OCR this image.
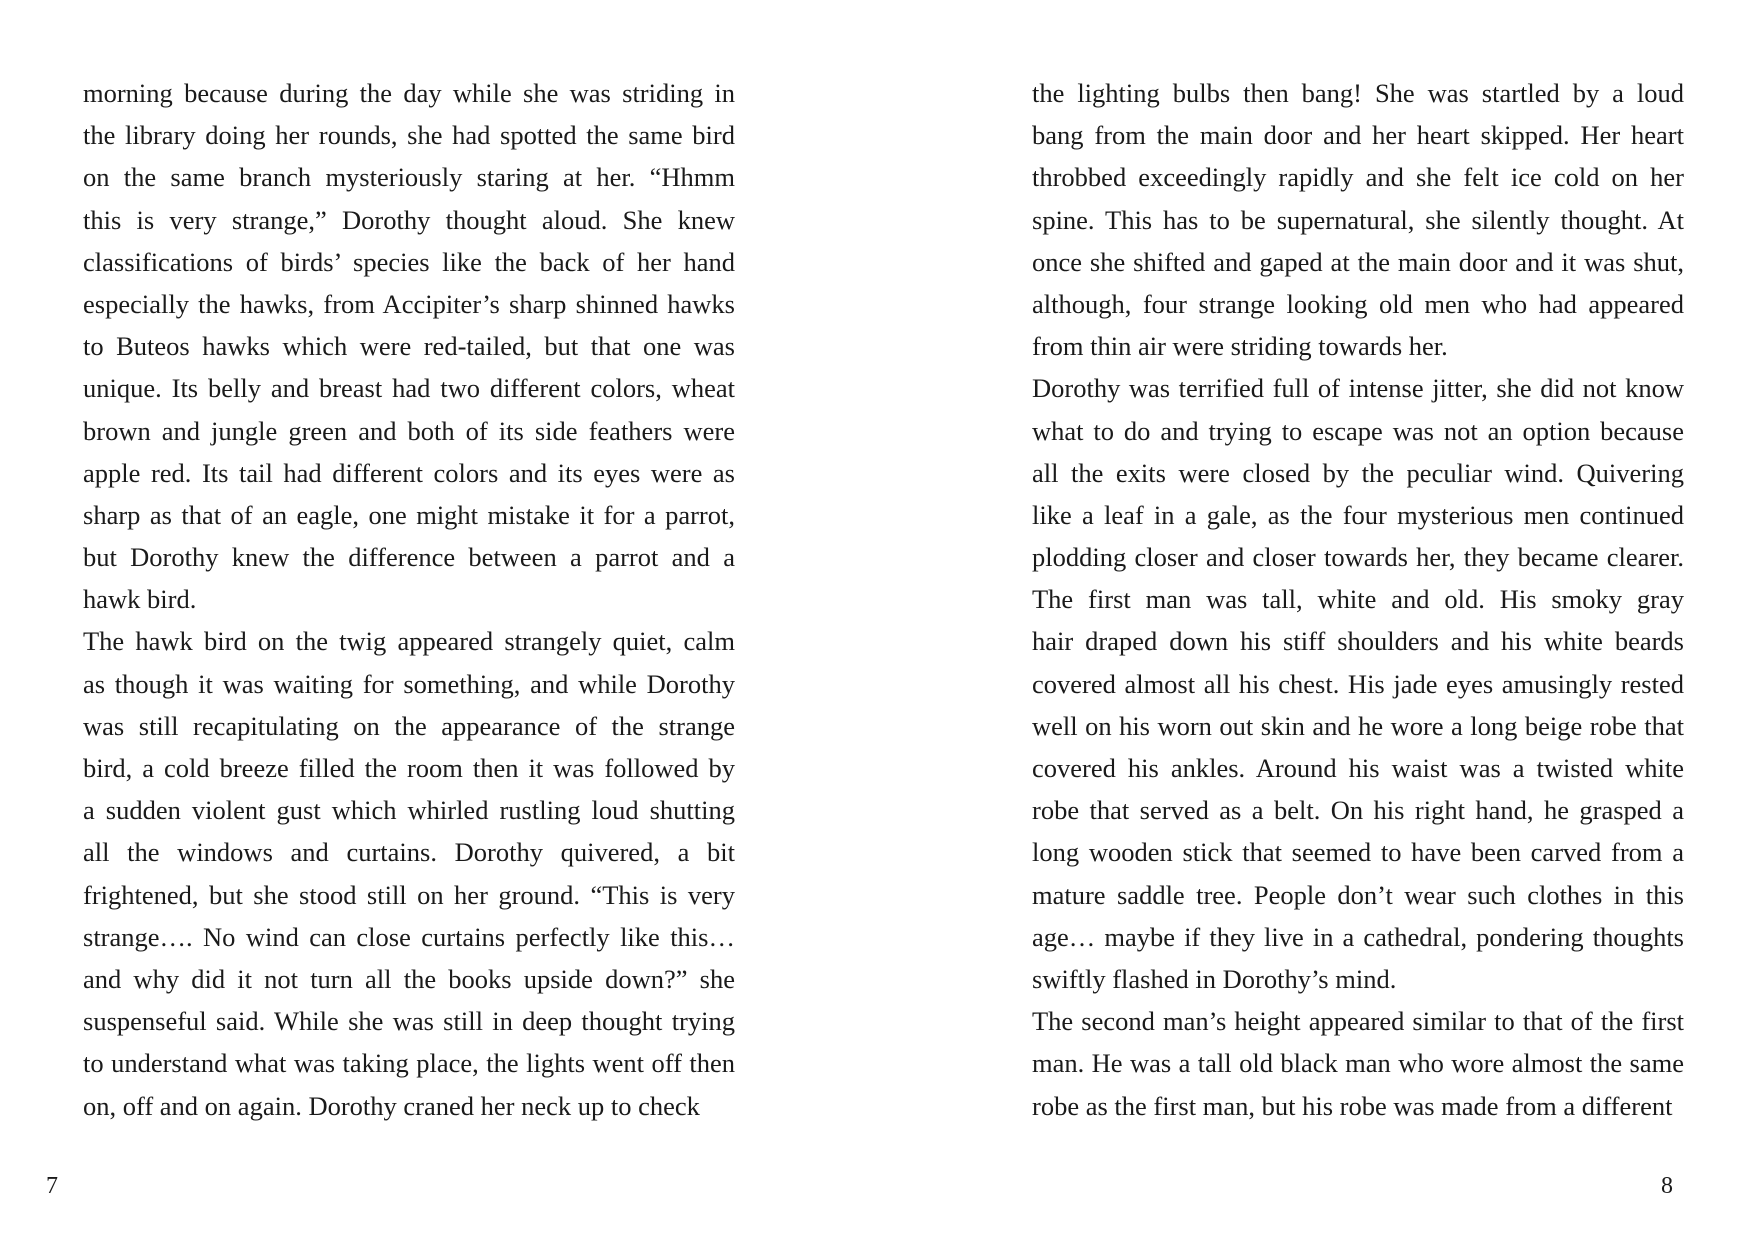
morning because during the day while she was striding in
the library doing her rounds, she had spotted the same bird
on the same branch mysteriously staring at her. “Hhmm
this is very strange,” Dorothy thought aloud. She knew
classifications of birds’ species like the back of her hand
especially the hawks, from Accipiter’s sharp shinned hawks
to Buteos hawks which were red-tailed, but that one was
unique. Its belly and breast had two different colors, wheat
brown and jungle green and both of its side feathers were
apple red. Its tail had different colors and its eyes were as
sharp as that of an eagle, one might mistake it for a parrot,
but Dorothy knew the difference between a parrot and a
hawk bird.
The hawk bird on the twig appeared strangely quiet, calm
as though it was waiting for something, and while Dorothy
was still recapitulating on the appearance of the strange
bird, a cold breeze filled the room then it was followed by
a sudden violent gust which whirled rustling loud shutting
all the windows and curtains. Dorothy quivered, a bit
frightened, but she stood still on her ground. “This is very
strange…. No wind can close curtains perfectly like this…
and why did it not turn all the books upside down?” she
suspenseful said. While she was still in deep thought trying
to understand what was taking place, the lights went off then
on, off and on again. Dorothy craned her neck up to check
the lighting bulbs then bang! She was startled by a loud
bang from the main door and her heart skipped. Her heart
throbbed exceedingly rapidly and she felt ice cold on her
spine. This has to be supernatural, she silently thought. At
once she shifted and gaped at the main door and it was shut,
although, four strange looking old men who had appeared
from thin air were striding towards her.
Dorothy was terrified full of intense jitter, she did not know
what to do and trying to escape was not an option because
all the exits were closed by the peculiar wind. Quivering
like a leaf in a gale, as the four mysterious men continued
plodding closer and closer towards her, they became clearer.
The first man was tall, white and old. His smoky gray
hair draped down his stiff shoulders and his white beards
covered almost all his chest. His jade eyes amusingly rested
well on his worn out skin and he wore a long beige robe that
covered his ankles. Around his waist was a twisted white
robe that served as a belt. On his right hand, he grasped a
long wooden stick that seemed to have been carved from a
mature saddle tree. People don’t wear such clothes in this
age… maybe if they live in a cathedral, pondering thoughts
swiftly flashed in Dorothy’s mind.
The second man’s height appeared similar to that of the first
man. He was a tall old black man who wore almost the same
robe as the first man, but his robe was made from a different
7	8
